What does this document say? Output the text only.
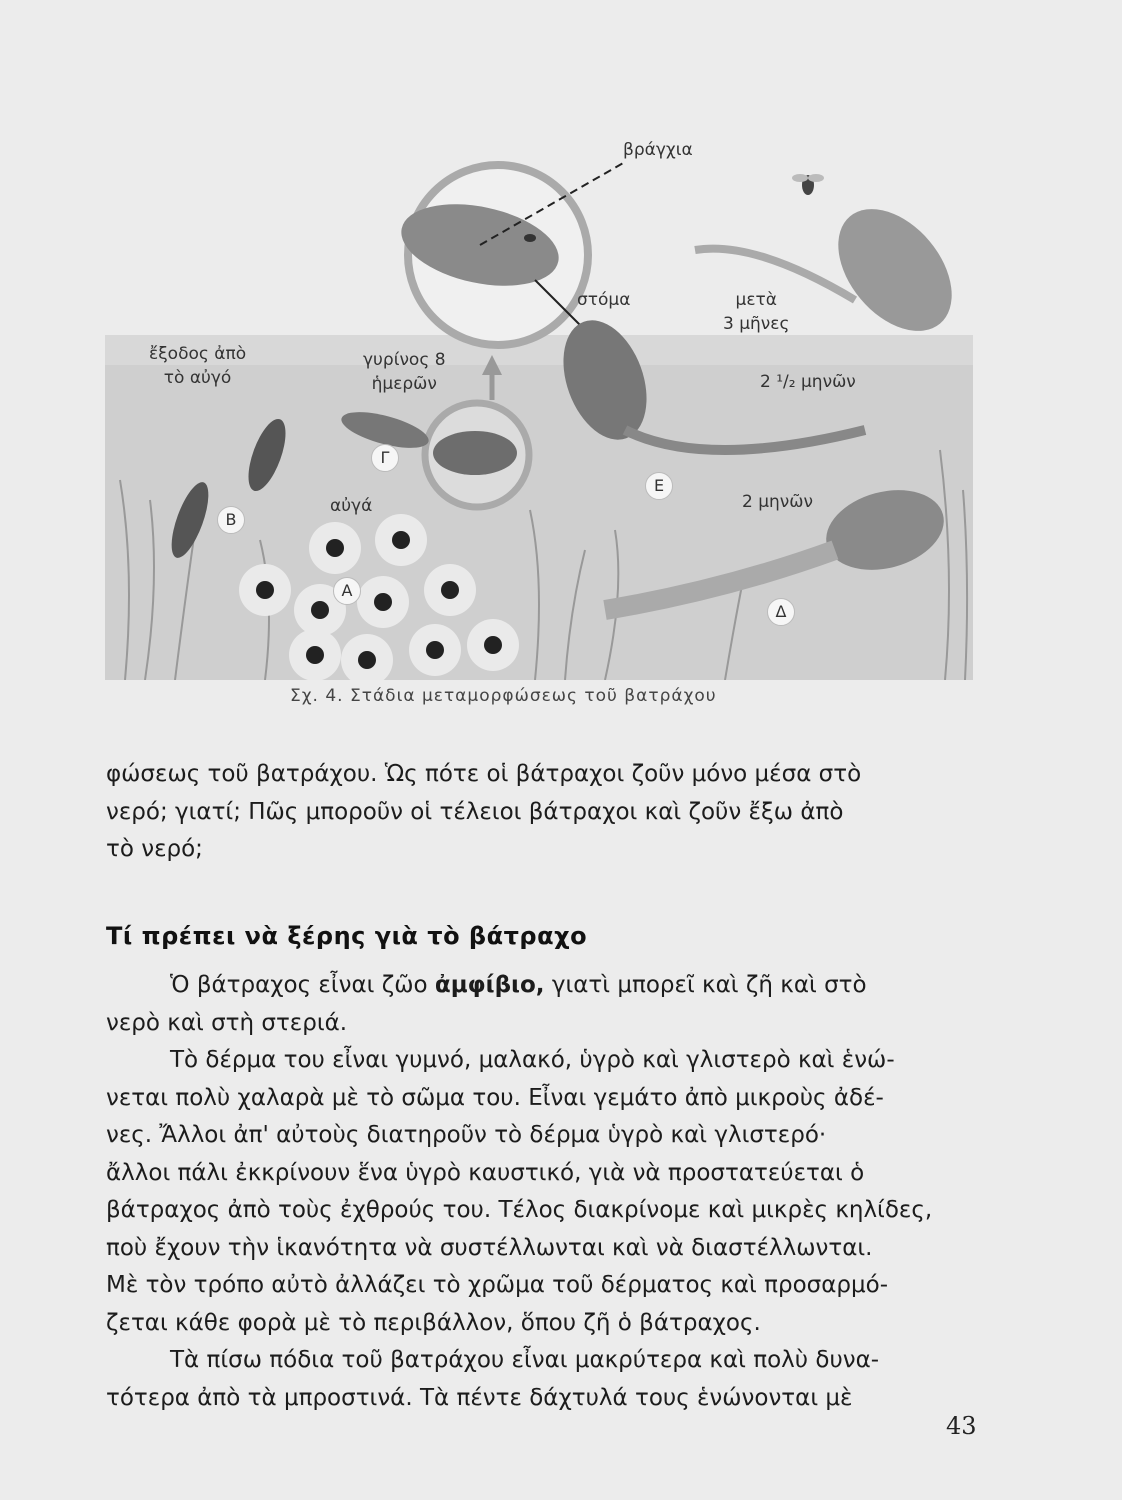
βράγχια
στόμα	μετὰ
3 μῆνες
2 ¹/₂ μηνῶν
ἔξοδος ἀπὸ
τὸ αὐγό
γυρίνος 8
ἡμερῶν
αὐγά	2 μηνῶν
Α
Β
Γ
Δ
Ε
Σχ. 4. Στάδια μεταμορφώσεως τοῦ βατράχου
φώσεως τοῦ βατράχου. Ὡς πότε οἱ βάτραχοι ζοῦν μόνο μέσα στὸ
νερό; γιατί; Πῶς μποροῦν οἱ τέλειοι βάτραχοι καὶ ζοῦν ἔξω ἀπὸ
τὸ νερό;
Τί πρέπει νὰ ξέρης γιὰ τὸ βάτραχο
Ὁ βάτραχος εἶναι ζῶο ἀμφίβιο, γιατὶ μπορεῖ καὶ ζῆ καὶ στὸ
νερὸ καὶ στὴ στεριά.
Τὸ δέρμα του εἶναι γυμνό, μαλακό, ὑγρὸ καὶ γλιστερὸ καὶ ἑνώ-
νεται πολὺ χαλαρὰ μὲ τὸ σῶμα του. Εἶναι γεμάτο ἀπὸ μικροὺς ἀδέ-
νες. Ἄλλοι ἀπ' αὐτοὺς διατηροῦν τὸ δέρμα ὑγρὸ καὶ γλιστερό·
ἄλλοι πάλι ἐκκρίνουν ἕνα ὑγρὸ καυστικό, γιὰ νὰ προστατεύεται ὁ
βάτραχος ἀπὸ τοὺς ἐχθρούς του. Τέλος διακρίνομε καὶ μικρὲς κηλίδες,
ποὺ ἔχουν τὴν ἱκανότητα νὰ συστέλλωνται καὶ νὰ διαστέλλωνται.
Μὲ τὸν τρόπο αὐτὸ ἀλλάζει τὸ χρῶμα τοῦ δέρματος καὶ προσαρμό-
ζεται κάθε φορὰ μὲ τὸ περιβάλλον, ὅπου ζῆ ὁ βάτραχος.
Τὰ πίσω πόδια τοῦ βατράχου εἶναι μακρύτερα καὶ πολὺ δυνα-
τότερα ἀπὸ τὰ μπροστινά. Τὰ πέντε δάχτυλά τους ἑνώνονται μὲ
43
